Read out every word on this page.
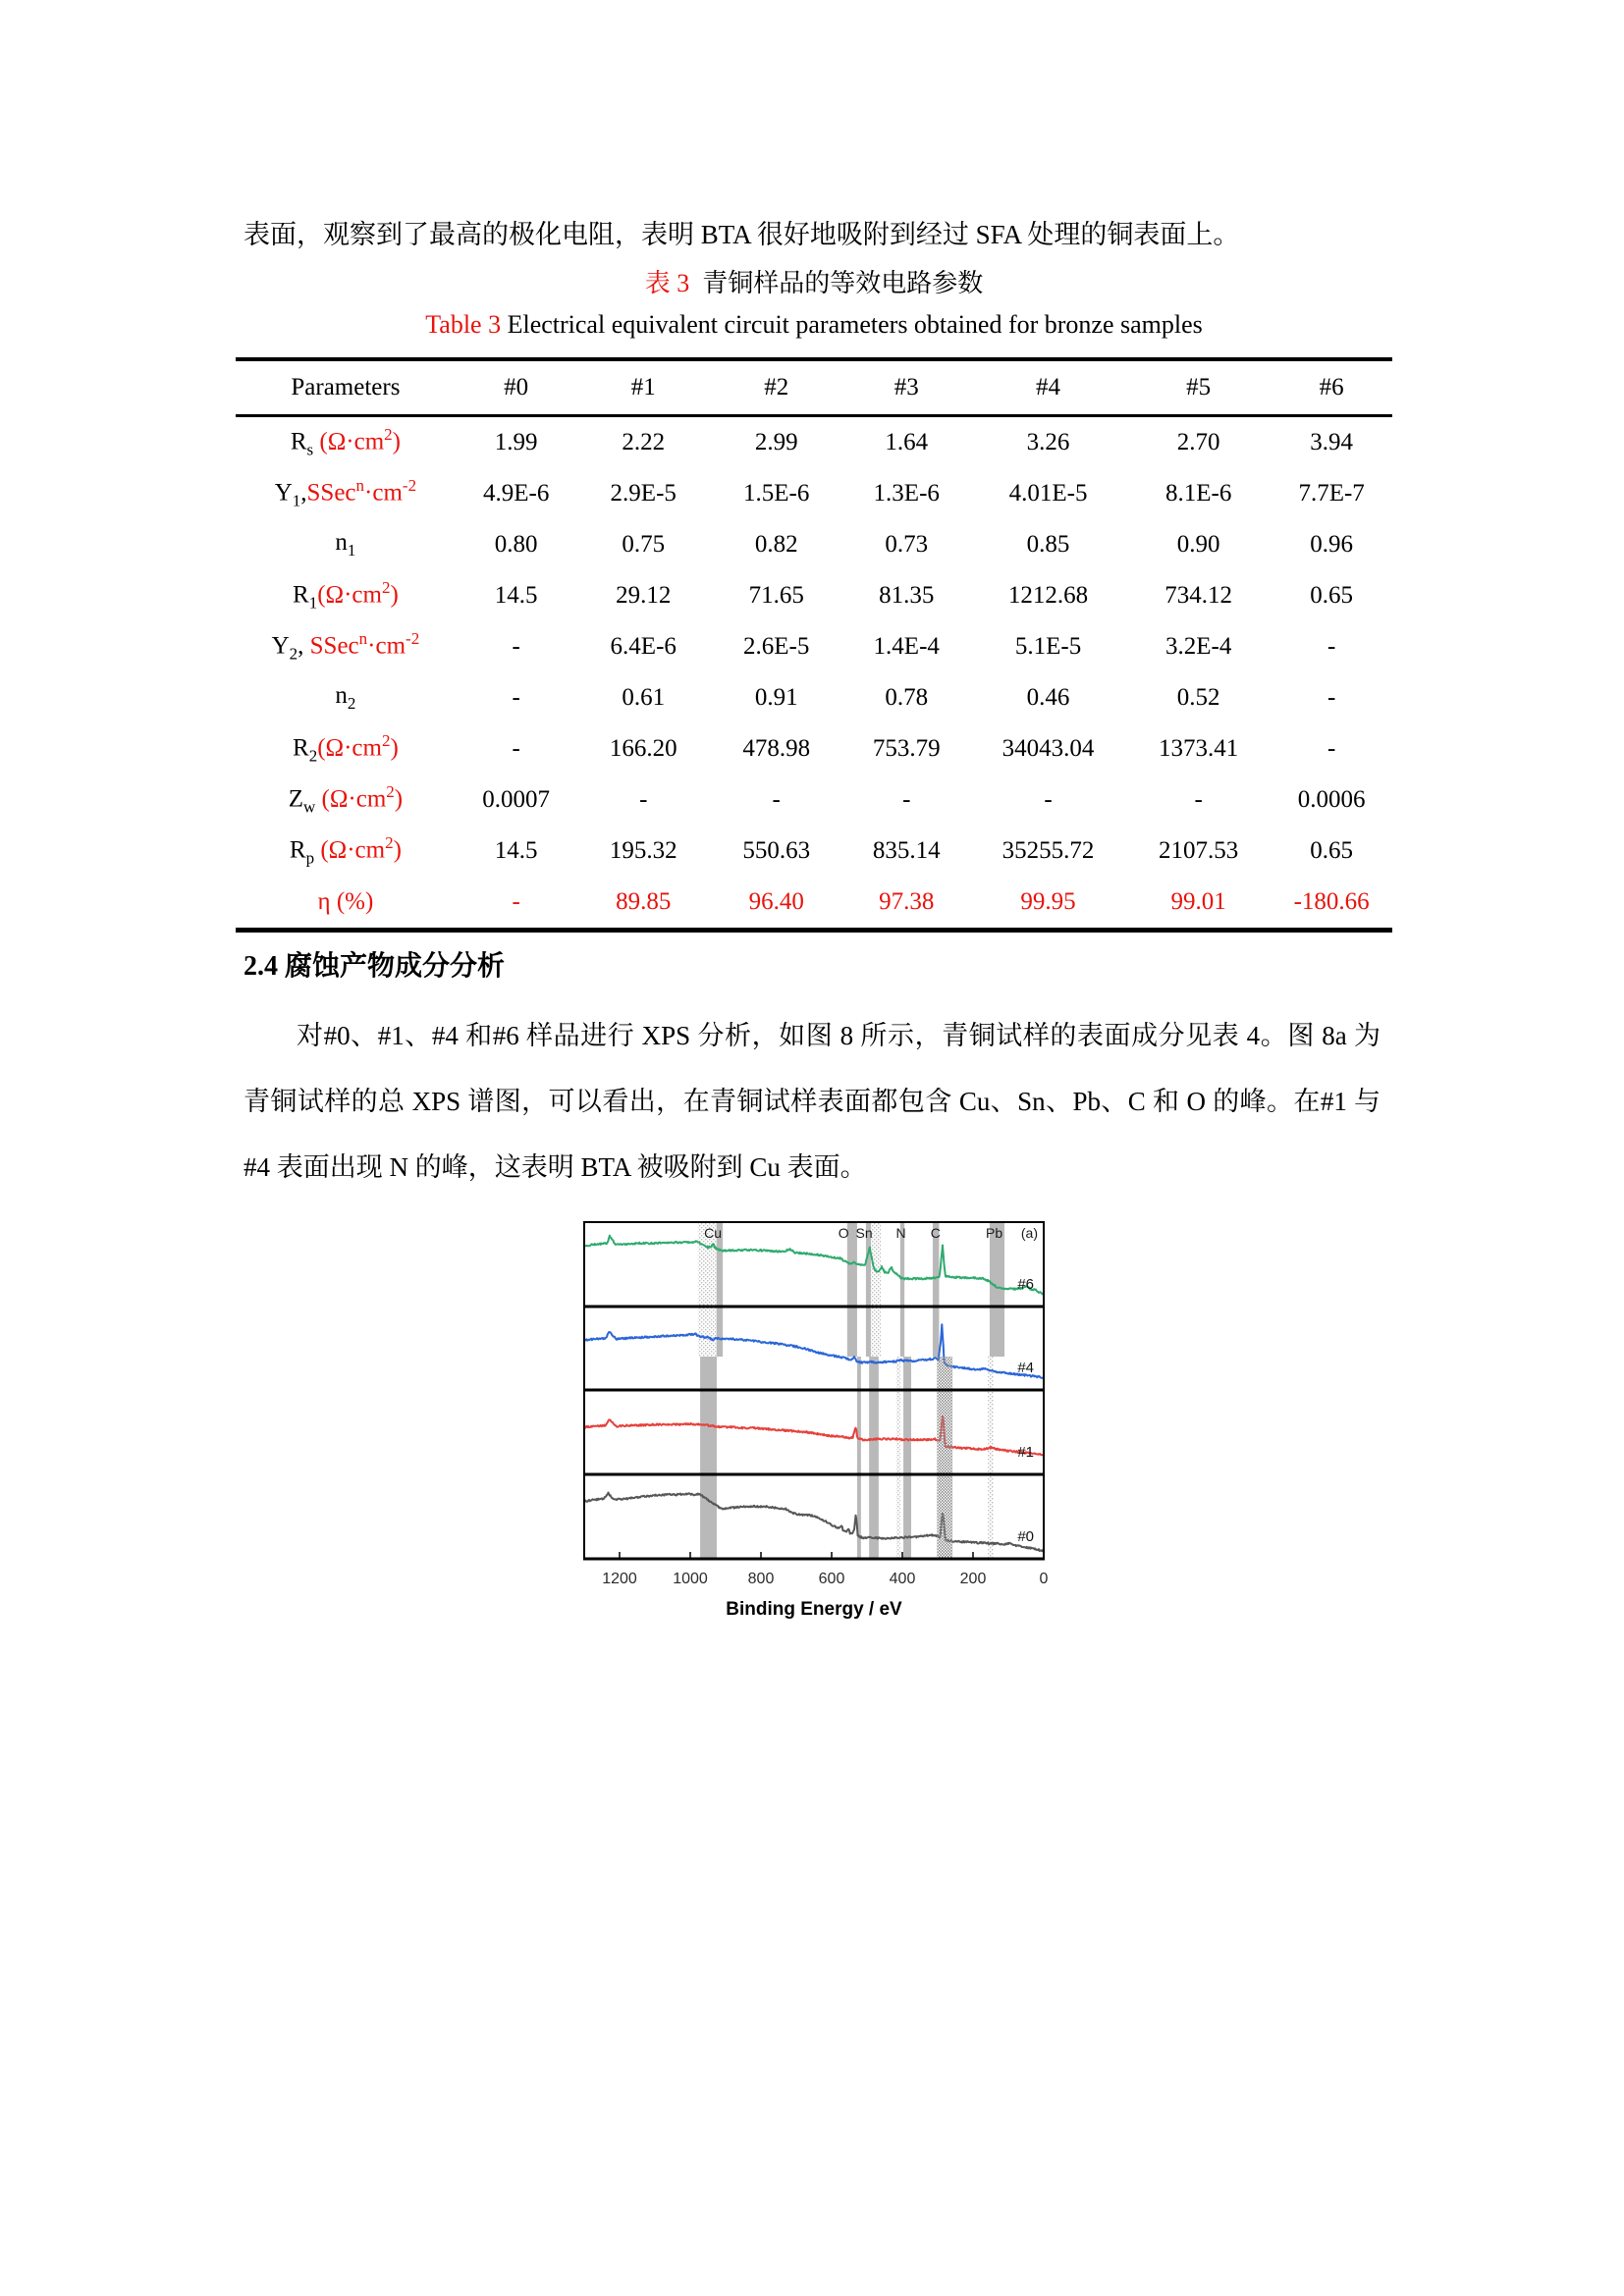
表面，观察到了最高的极化电阻，表明 BTA 很好地吸附到经过 SFA 处理的铜表面上。

表 3 青铜样品的等效电路参数
Table 3 Electrical equivalent circuit parameters obtained for bronze samples
Parameters	#0	#1	#2	#3	#4	#5	#6
$R_s$ $(\Omega\cdot cm^2)$	1.99	2.22	2.99	1.64	3.26	2.70	3.94
$Y_1,SSec^n\cdot cm^{-2}$	4.9E-6	2.9E-5	1.5E-6	1.3E-6	4.01E-5	8.1E-6	7.7E-7
$n_1$	0.80	0.75	0.82	0.73	0.85	0.90	0.96
$R_1(\Omega\cdot cm^2)$	14.5	29.12	71.65	81.35	1212.68	734.12	0.65
$Y_2$, $SSec^n\cdot cm^{-2}$	-	6.4E-6	2.6E-5	1.4E-4	5.1E-5	3.2E-4	-
$n_2$	-	0.61	0.91	0.78	0.46	0.52	-
$R_2(\Omega\cdot cm^2)$	-	166.20	478.98	753.79	34043.04	1373.41	-
$Z_w$ $(\Omega\cdot cm^2)$	0.0007	-	-	-	-	-	0.0006
$R_p$ $(\Omega\cdot cm^2)$	14.5	195.32	550.63	835.14	35255.72	2107.53	0.65
η (%)	-	89.85	96.40	97.38	99.95	99.01	-180.66
2.4 腐蚀产物成分分析

对#0、#1、#4 和#6 样品进行 XPS 分析，如图 8 所示，青铜试样的表面成分见表 4。图 8a 为青铜试样的总 XPS 谱图，可以看出，在青铜试样表面都包含 Cu、Sn、Pb、C 和 O 的峰。在#1 与#4 表面出现 N 的峰，这表明 BTA 被吸附到 Cu 表面。

#6
#4
#1
#0
Cu	O Sn N C	Pb (a)
1200 1000	800	600	400	200	0
Binding Energy / eV
